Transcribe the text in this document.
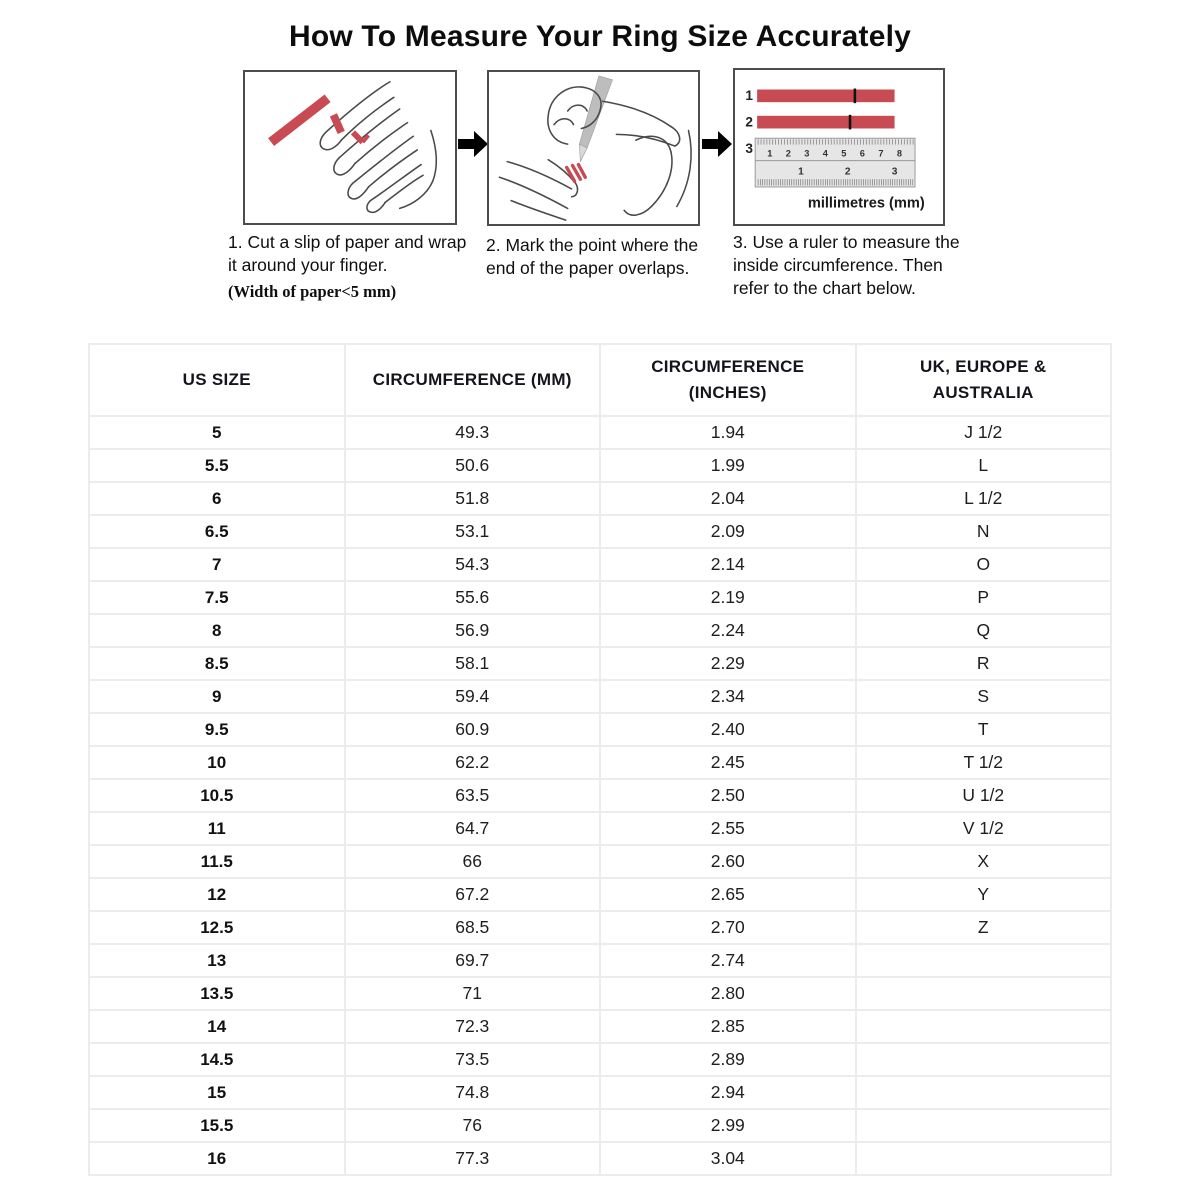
How To Measure Your Ring Size Accurately
1
2
3 1 2 3 4 5 6 7 8
1	2	3
millimetres (mm)
1. Cut a slip of paper and wrap it around your finger.
(Width of paper<5 mm)
2. Mark the point where the end of the paper overlaps.
3. Use a ruler to measure the inside circumference. Then refer to the chart below.
US SIZE	CIRCUMFERENCE (MM)

CIRCUMFERENCE
(INCHES)

UK, EUROPE &
AUSTRALIA

5	49.3	1.94	J 1/2
5.5	50.6	1.99	L
6	51.8	2.04	L 1/2
6.5	53.1	2.09	N
7	54.3	2.14	O
7.5	55.6	2.19	P
8	56.9	2.24	Q
8.5	58.1	2.29	R
9	59.4	2.34	S
9.5	60.9	2.40	T
10	62.2	2.45	T 1/2
10.5	63.5	2.50	U 1/2
11	64.7	2.55	V 1/2
11.5	66	2.60	X
12	67.2	2.65	Y
12.5	68.5	2.70	Z
13	69.7	2.74	
13.5	71	2.80	
14	72.3	2.85	
14.5	73.5	2.89	
15	74.8	2.94	
15.5	76	2.99	
16	77.3	3.04	
